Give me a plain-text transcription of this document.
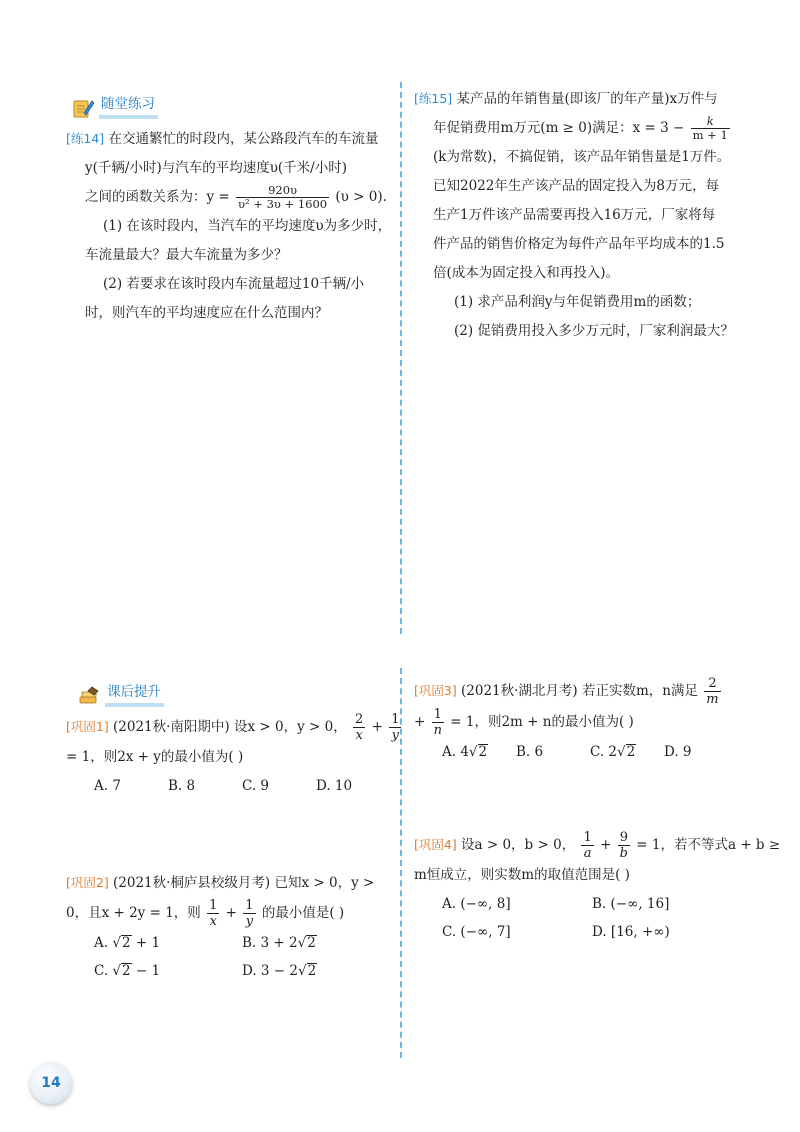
随堂练习
[练14] 在交通繁忙的时段内，某公路段汽车的车流量
y(千辆/小时)与汽车的平均速度υ(千米/小时)
之间的函数关系为：$y = \frac{920\upsilon}{\text{υ² + 3υ + 1600}} (\upsilon > 0)$.
(1) 在该时段内，当汽车的平均速度υ为多少时，
车流量最大？最大车流量为多少？
(2) 若要求在该时段内车流量超过10千辆/小
时，则汽车的平均速度应在什么范围内？
[练15] 某产品的年销售量(即该厂的年产量)x万件与
年促销费用m万元(m ≥ 0)满足：$x = 3 - \frac{k}{m + 1}$
(k为常数)，不搞促销，该产品年销售量是1万件。
已知2022年生产该产品的固定投入为8万元，每
生产1万件该产品需要再投入16万元，厂家将每
件产品的销售价格定为每件产品年平均成本的1.5
倍(成本为固定投入和再投入)。
(1) 求产品利润y与年促销费用m的函数；
(2) 促销费用投入多少万元时，厂家利润最大？
课后提升
[巩固1] (2021秋·南阳期中) 设x > 0，y > 0， $\frac{2}{x} + \frac{1}{y}$
= 1，则2x + y的最小值为( )
A. 7	B. 8	C. 9	D. 10
[巩固2] (2021秋·桐庐县校级月考) 已知x > 0，y >
0，且x + 2y = 1，则 $\frac{1}{x} + \frac{1}{y}$ 的最小值是( )
A. √2 + 1	B. 3 + 2√2
C. √2 − 1	D. 3 − 2√2
[巩固3] (2021秋·湖北月考) 若正实数m，n满足 $\frac{2}{m}$
+ $\frac{1}{n} = 1$，则2m + n的最小值为( )
A. 4√2	B. 6	C. 2√2	D. 9
[巩固4] 设a > 0，b > 0， $\frac{1}{a} + \frac{9}{b} = 1$，若不等式a + b ≥
m恒成立，则实数m的取值范围是( )
A. (−∞, 8]	B. (−∞, 16]
C. (−∞, 7]	D. [16, +∞)
14
